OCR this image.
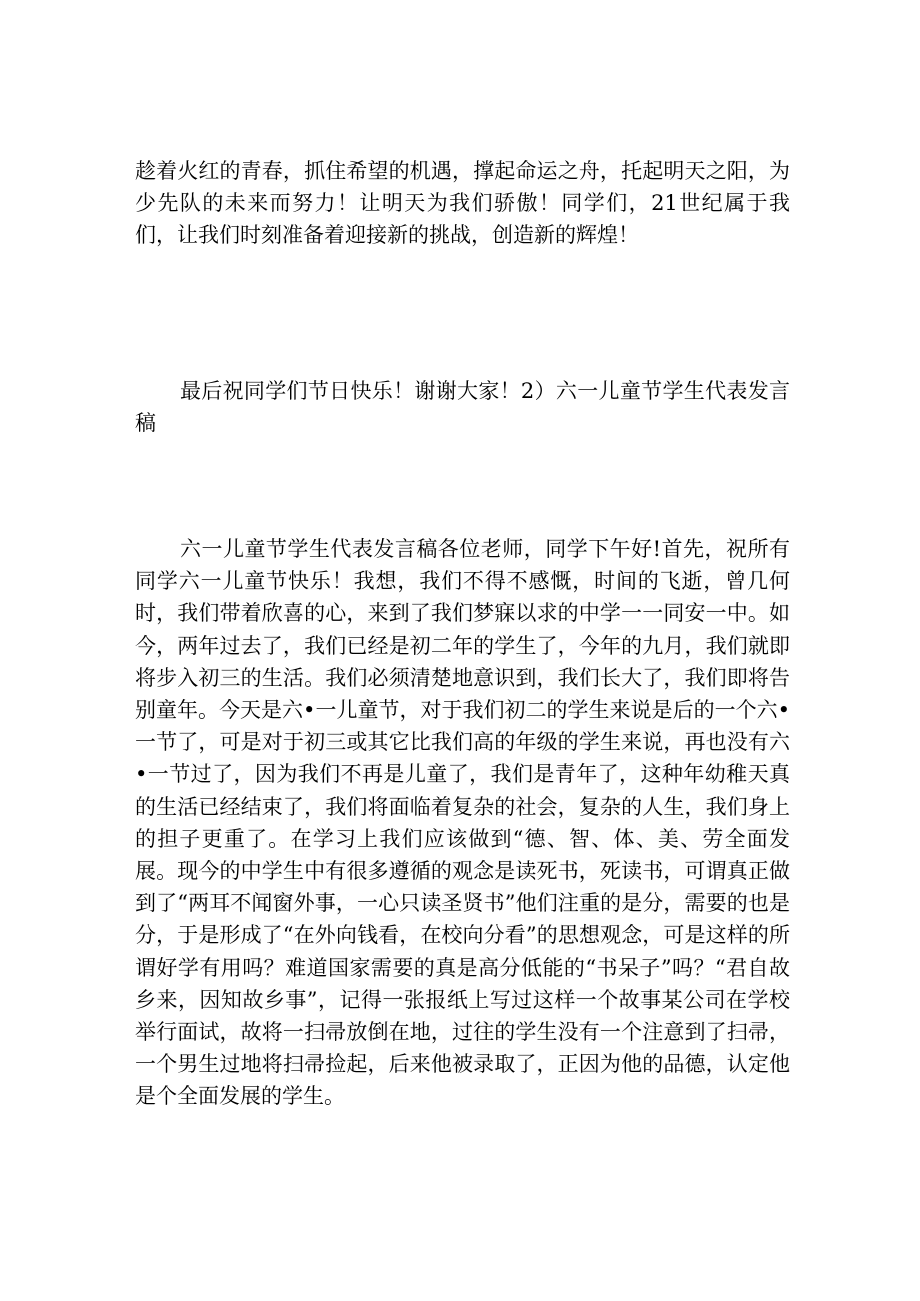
趁着火红的青春，抓住希望的机遇，撑起命运之舟，托起明天之阳，为少先队的未来而努力！让明天为我们骄傲！同学们，21世纪属于我们，让我们时刻准备着迎接新的挑战，创造新的辉煌！

最后祝同学们节日快乐！谢谢大家！2）六一儿童节学生代表发言稿

六一儿童节学生代表发言稿各位老师，同学下午好!首先，祝所有同学六一儿童节快乐！我想，我们不得不感慨，时间的飞逝，曾几何时，我们带着欣喜的心，来到了我们梦寐以求的中学一一同安一中。如今，两年过去了，我们已经是初二年的学生了，今年的九月，我们就即将步入初三的生活。我们必须清楚地意识到，我们长大了，我们即将告别童年。今天是六•一儿童节，对于我们初二的学生来说是后的一个六•一节了，可是对于初三或其它比我们高的年级的学生来说，再也没有六•一节过了，因为我们不再是儿童了，我们是青年了，这种年幼稚天真的生活已经结束了，我们将面临着复杂的社会，复杂的人生，我们身上的担子更重了。在学习上我们应该做到“德、智、体、美、劳全面发展。现今的中学生中有很多遵循的观念是读死书，死读书，可谓真正做到了“两耳不闻窗外事，一心只读圣贤书”他们注重的是分，需要的也是分，于是形成了“在外向钱看，在校向分看”的思想观念，可是这样的所谓好学有用吗？难道国家需要的真是高分低能的“书呆子”吗？“君自故乡来，因知故乡事”，记得一张报纸上写过这样一个故事某公司在学校举行面试，故将一扫帚放倒在地，过往的学生没有一个注意到了扫帚，一个男生过地将扫帚捡起，后来他被录取了，正因为他的品德，认定他是个全面发展的学生。
